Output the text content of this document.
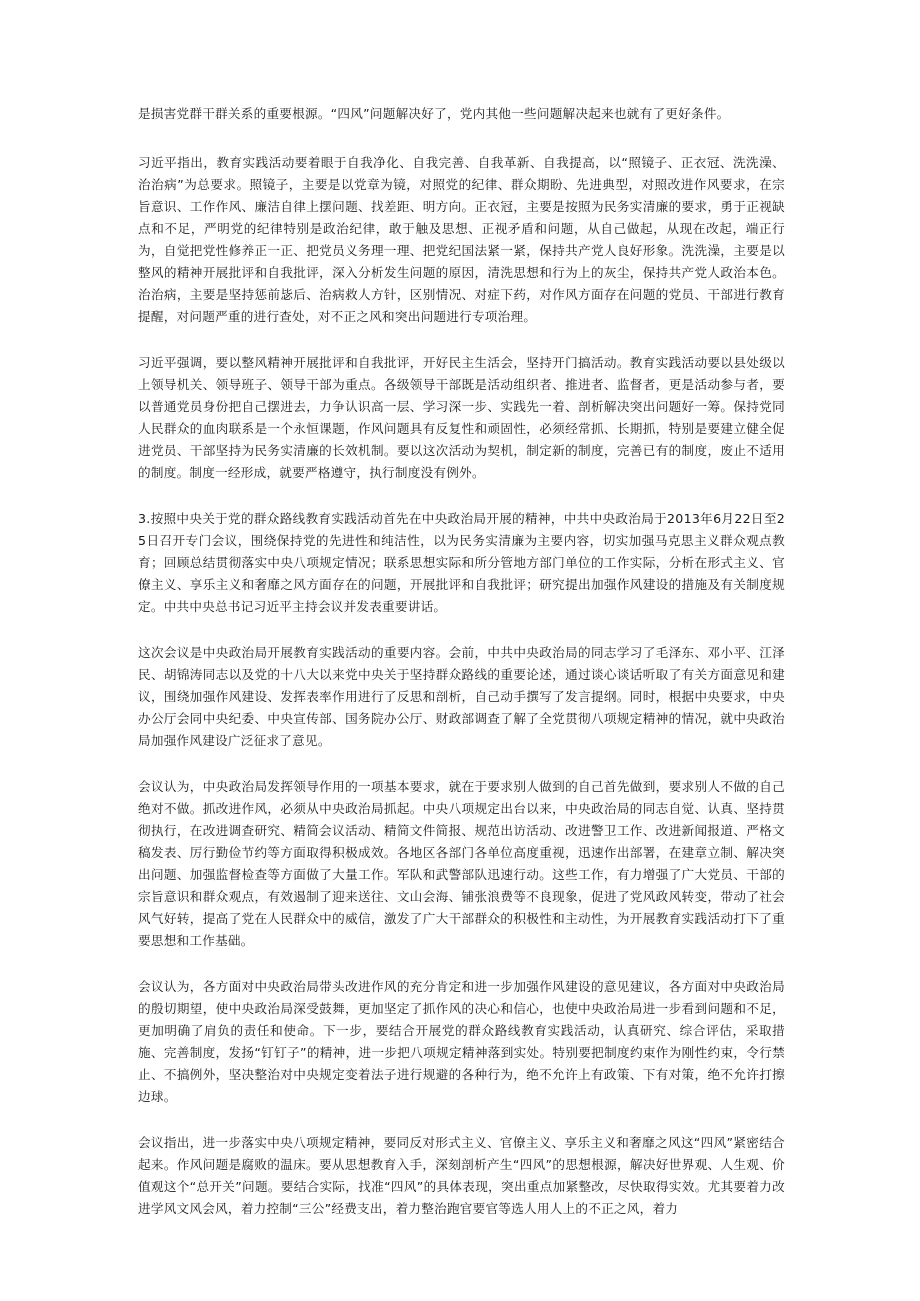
是损害党群干群关系的重要根源。“四风”问题解决好了，党内其他一些问题解决起来也就有了更好条件。

习近平指出，教育实践活动要着眼于自我净化、自我完善、自我革新、自我提高，以“照镜子、正衣冠、洗洗澡、治治病”为总要求。照镜子，主要是以党章为镜，对照党的纪律、群众期盼、先进典型，对照改进作风要求，在宗旨意识、工作作风、廉洁自律上摆问题、找差距、明方向。正衣冠，主要是按照为民务实清廉的要求，勇于正视缺点和不足，严明党的纪律特别是政治纪律，敢于触及思想、正视矛盾和问题，从自己做起，从现在改起，端正行为，自觉把党性修养正一正、把党员义务理一理、把党纪国法紧一紧，保持共产党人良好形象。洗洗澡，主要是以整风的精神开展批评和自我批评，深入分析发生问题的原因，清洗思想和行为上的灰尘，保持共产党人政治本色。治治病，主要是坚持惩前毖后、治病救人方针，区别情况、对症下药，对作风方面存在问题的党员、干部进行教育提醒，对问题严重的进行查处，对不正之风和突出问题进行专项治理。

习近平强调，要以整风精神开展批评和自我批评，开好民主生活会，坚持开门搞活动。教育实践活动要以县处级以上领导机关、领导班子、领导干部为重点。各级领导干部既是活动组织者、推进者、监督者，更是活动参与者，要以普通党员身份把自己摆进去，力争认识高一层、学习深一步、实践先一着、剖析解决突出问题好一筹。保持党同人民群众的血肉联系是一个永恒课题，作风问题具有反复性和顽固性，必须经常抓、长期抓，特别是要建立健全促进党员、干部坚持为民务实清廉的长效机制。要以这次活动为契机，制定新的制度，完善已有的制度，废止不适用的制度。制度一经形成，就要严格遵守，执行制度没有例外。

3.按照中央关于党的群众路线教育实践活动首先在中央政治局开展的精神，中共中央政治局于2013年6月22日至25日召开专门会议，围绕保持党的先进性和纯洁性，以为民务实清廉为主要内容，切实加强马克思主义群众观点教育；回顾总结贯彻落实中央八项规定情况；联系思想实际和所分管地方部门单位的工作实际，分析在形式主义、官僚主义、享乐主义和奢靡之风方面存在的问题，开展批评和自我批评；研究提出加强作风建设的措施及有关制度规定。中共中央总书记习近平主持会议并发表重要讲话。

这次会议是中央政治局开展教育实践活动的重要内容。会前，中共中央政治局的同志学习了毛泽东、邓小平、江泽民、胡锦涛同志以及党的十八大以来党中央关于坚持群众路线的重要论述，通过谈心谈话听取了有关方面意见和建议，围绕加强作风建设、发挥表率作用进行了反思和剖析，自己动手撰写了发言提纲。同时，根据中央要求，中央办公厅会同中央纪委、中央宣传部、国务院办公厅、财政部调查了解了全党贯彻八项规定精神的情况，就中央政治局加强作风建设广泛征求了意见。

会议认为，中央政治局发挥领导作用的一项基本要求，就在于要求别人做到的自己首先做到，要求别人不做的自己绝对不做。抓改进作风，必须从中央政治局抓起。中央八项规定出台以来，中央政治局的同志自觉、认真、坚持贯彻执行，在改进调查研究、精简会议活动、精简文件简报、规范出访活动、改进警卫工作、改进新闻报道、严格文稿发表、厉行勤俭节约等方面取得积极成效。各地区各部门各单位高度重视，迅速作出部署，在建章立制、解决突出问题、加强监督检查等方面做了大量工作。军队和武警部队迅速行动。这些工作，有力增强了广大党员、干部的宗旨意识和群众观点，有效遏制了迎来送往、文山会海、铺张浪费等不良现象，促进了党风政风转变，带动了社会风气好转，提高了党在人民群众中的威信，激发了广大干部群众的积极性和主动性，为开展教育实践活动打下了重要思想和工作基础。

会议认为，各方面对中央政治局带头改进作风的充分肯定和进一步加强作风建设的意见建议，各方面对中央政治局的殷切期望，使中央政治局深受鼓舞，更加坚定了抓作风的决心和信心，也使中央政治局进一步看到问题和不足，更加明确了肩负的责任和使命。下一步，要结合开展党的群众路线教育实践活动，认真研究、综合评估，采取措施、完善制度，发扬“钉钉子”的精神，进一步把八项规定精神落到实处。特别要把制度约束作为刚性约束，令行禁止、不搞例外，坚决整治对中央规定变着法子进行规避的各种行为，绝不允许上有政策、下有对策，绝不允许打擦边球。

会议指出，进一步落实中央八项规定精神，要同反对形式主义、官僚主义、享乐主义和奢靡之风这“四风”紧密结合起来。作风问题是腐败的温床。要从思想教育入手，深刻剖析产生“四风”的思想根源，解决好世界观、人生观、价值观这个“总开关”问题。要结合实际，找准“四风”的具体表现，突出重点加紧整改，尽快取得实效。尤其要着力改进学风文风会风，着力控制“三公”经费支出，着力整治跑官要官等选人用人上的不正之风，着力
